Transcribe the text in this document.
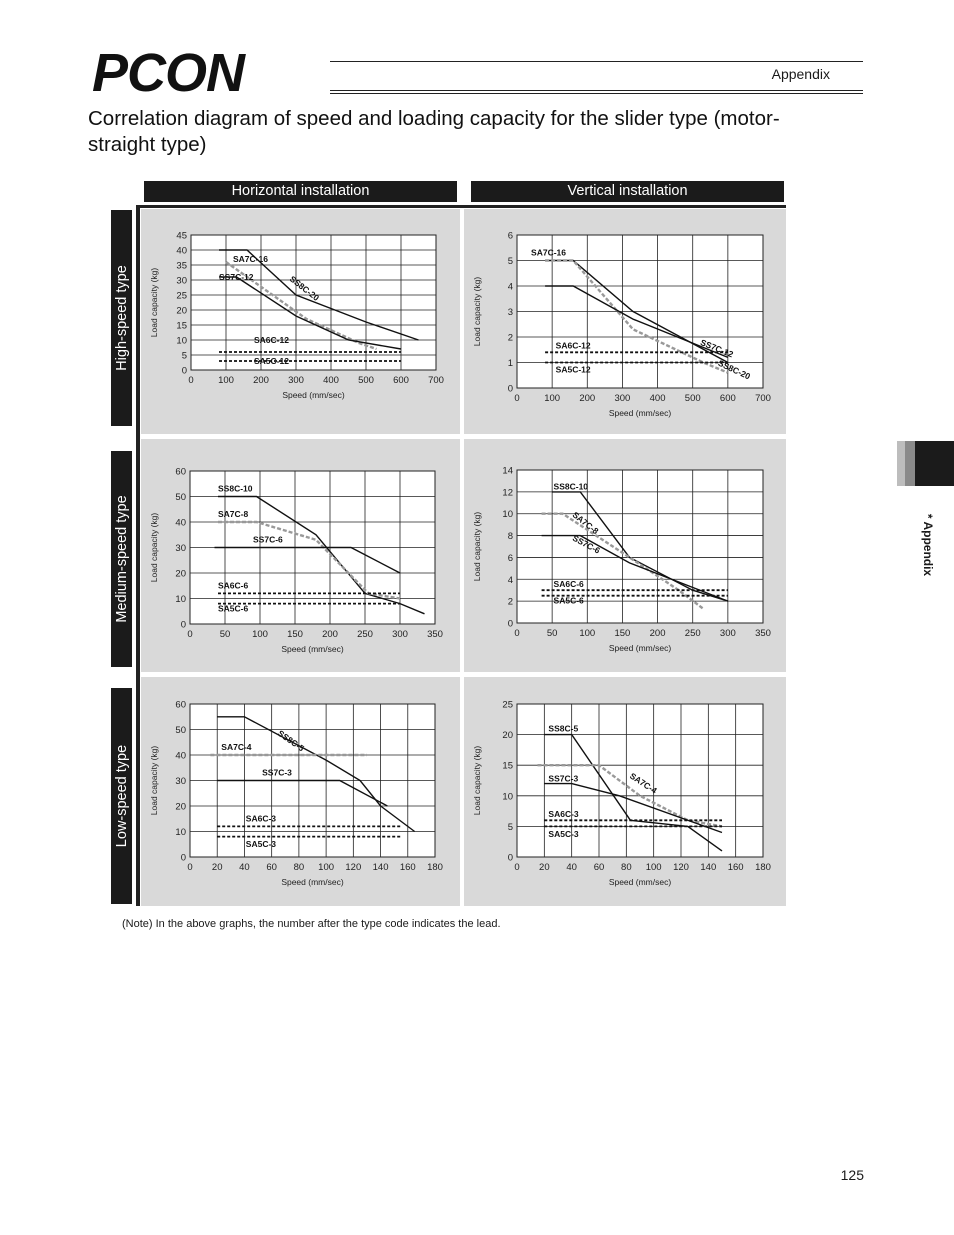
PCON	Appendix
Correlation diagram of speed and loading capacity for the slider type (motor-straight type)
Horizontal installation	Vertical installation
High-speed type
Medium-speed type
Low-speed type
0	100 200 300 400 500 600 700
0
5
10
15
20
25
30
35
40
45
Speed (mm/sec)
Load capacity (kg)
SA7C-16
SS7C-12	SS8C-20
SA6C-12
SA5C-12
0	100 200 300 400 500 600 700
0
1
2
3
4
5
6
Speed (mm/sec)
Load capacity (kg)
SA7C-16
SS7C-12
SS8C-20
SA6C-12
SA5C-12
0	50 100 150 200 250 300 350
0
10
20
30
40
50
60
Speed (mm/sec)
Load capacity (kg)
SS8C-10
SA7C-8
SS7C-6
SA6C-6
SA5C-6
0	50 100 150 200 250 300 350
0
2
4
6
8
10
12
14
Speed (mm/sec)
Load capacity (kg)
SS8C-10
SA7C-8
SS7C-6
SA6C-6
SA5C-6
0 20 40 60 80 100 120 140 160 180
0
10
20
30
40
50
60
Speed (mm/sec)
Load capacity (kg)	SA7C-4	SS8C-5
SS7C-3
SA6C-3
SA5C-3
0 20 40 60 80 100 120 140 160 180
0
5
10
15
20
25
Speed (mm/sec)
Load capacity (kg)
SS8C-5
SA7C-4
SS7C-3
SA6C-3
SA5C-3
(Note) In the above graphs, the number after the type code indicates the lead.
* Appendix
125
